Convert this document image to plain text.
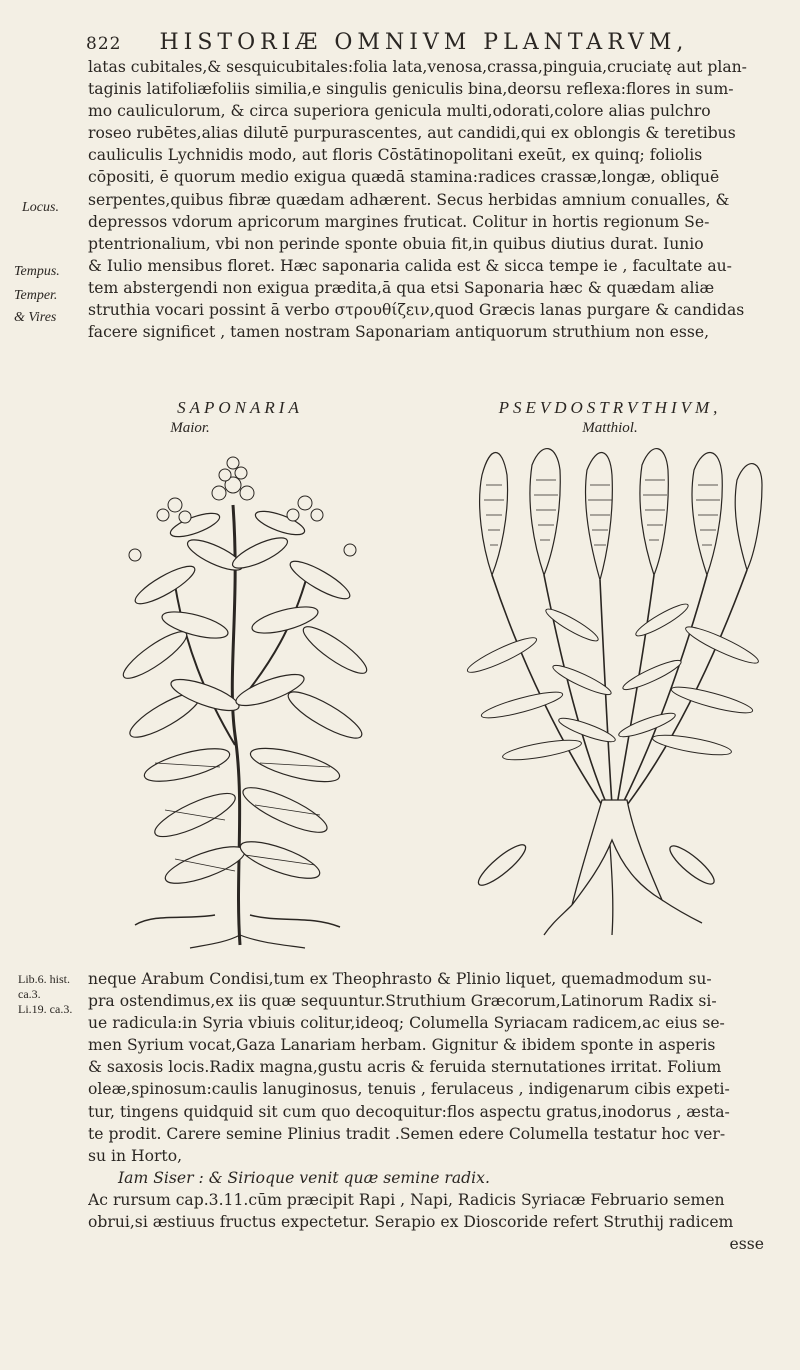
822 HISTORIÆ OMNIVM PLANTARVM,
latas cubitales,& sesquicubitales:folia lata,venosa,crassa,pinguia,cruciatę aut plan-
taginis latifoliæfoliis similia,e singulis geniculis bina,deorsu reflexa:flores in sum-
mo cauliculorum, & circa superiora genicula multi,odorati,colore alias pulchro
roseo rubētes,alias dilutē purpurascentes, aut candidi,qui ex oblongis & teretibus
cauliculis Lychnidis modo, aut floris Cōstātinopolitani exeūt, ex quinq; foliolis
cōpositi, ē quorum medio exigua quædā stamina:radices crassæ,longæ, obliquē
serpentes,quibus fibræ quædam adhærent. Secus herbidas amnium conualles, &
depressos vdorum apricorum margines fruticat. Colitur in hortis regionum Se-
ptentrionalium, vbi non perinde sponte obuia fit,in quibus diutius durat. Iunio
& Iulio mensibus floret. Hæc saponaria calida est & sicca tempe ie , facultate au-
tem abstergendi non exigua prædita,ā qua etsi Saponaria hæc & quædam aliæ
struthia vocari possint ā verbo στρουθίζειν,quod Græcis lanas purgare & candidas
facere significet , tamen nostram Saponariam antiquorum struthium non esse,
Locus.
Tempus.
Temper.
& Vires
SAPONARIA
Maior.
PSEVDOSTRVTHIVM,
Matthiol.
Lib.6. hist.
ca.3.
Li.19. ca.3.
neque Arabum Condisi,tum ex Theophrasto & Plinio liquet, quemadmodum su-
pra ostendimus,ex iis quæ sequuntur.Struthium Græcorum,Latinorum Radix si-
ue radicula:in Syria vbiuis colitur,ideoq; Columella Syriacam radicem,ac eius se-
men Syrium vocat,Gaza Lanariam herbam. Gignitur & ibidem sponte in asperis
& saxosis locis.Radix magna,gustu acris & feruida sternutationes irritat. Folium
oleæ,spinosum:caulis lanuginosus, tenuis , ferulaceus , indigenarum cibis expeti-
tur, tingens quidquid sit cum quo decoquitur:flos aspectu gratus,inodorus , æsta-
te prodit. Carere semine Plinius tradit .Semen edere Columella testatur hoc ver-
su in Horto,
Iam Siser : & Sirioque venit quæ semine radix.
Ac rursum cap.3.11.cūm præcipit Rapi , Napi, Radicis Syriacæ Februario semen
obrui,si æstiuus fructus expectetur. Serapio ex Dioscoride refert Struthij radicem
esse
